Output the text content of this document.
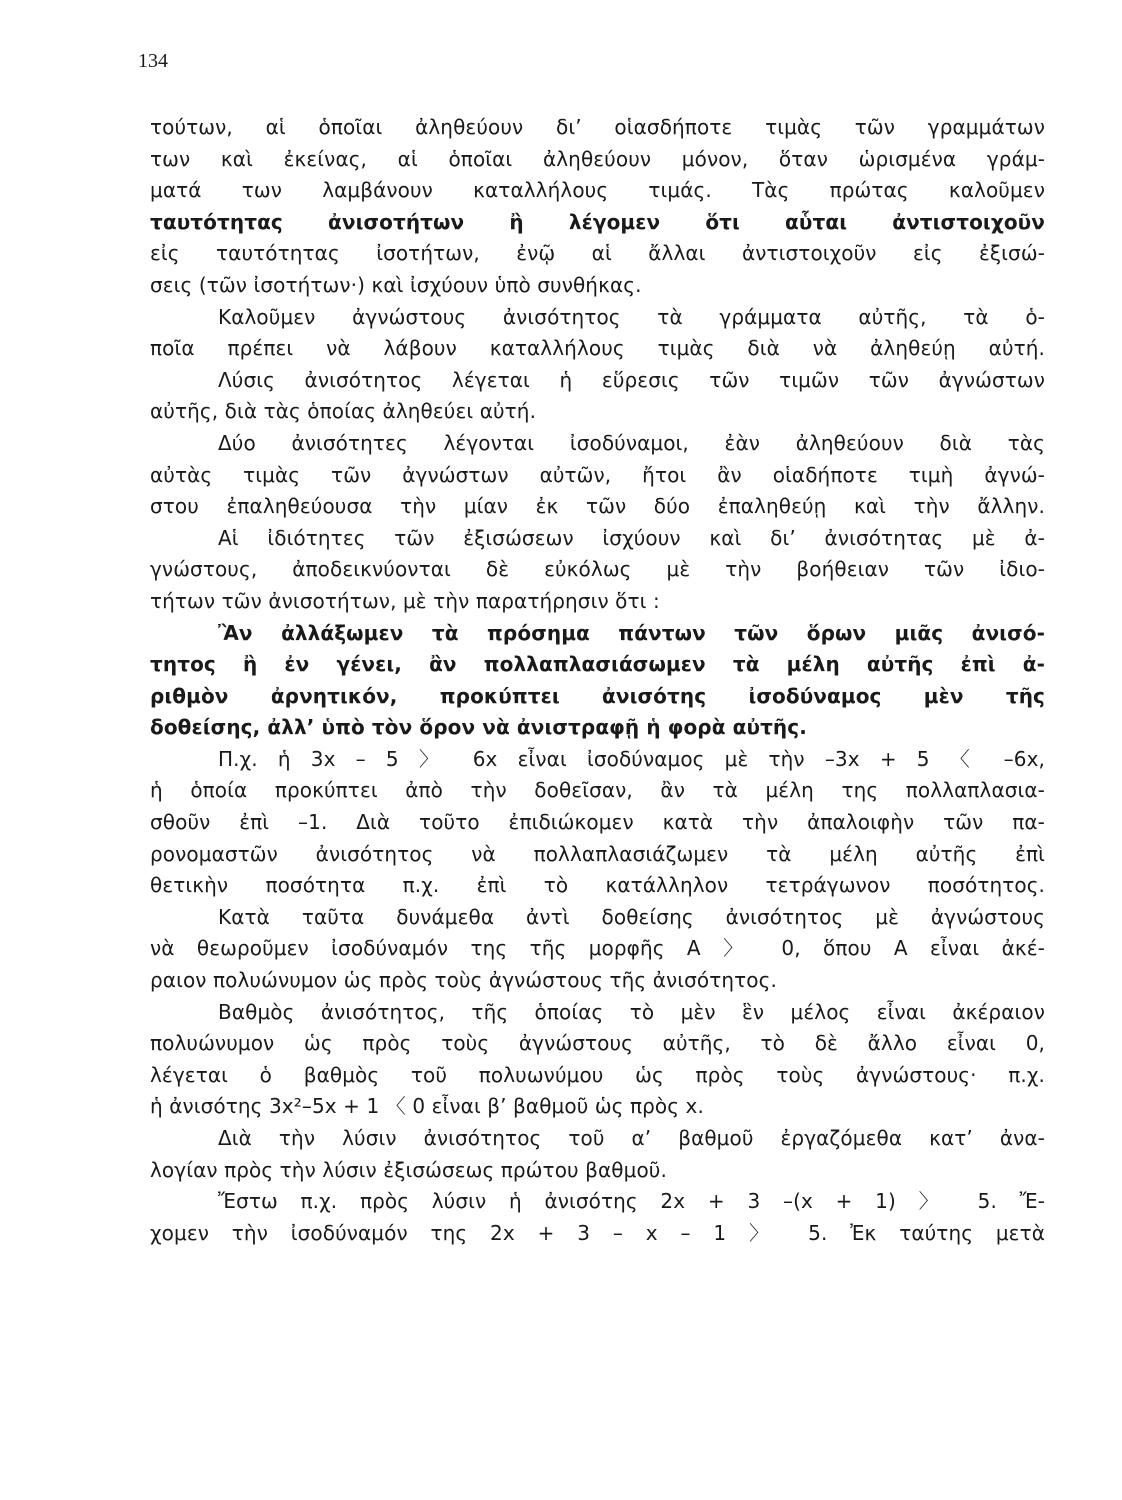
134
τούτων, αἱ ὁποῖαι ἀληθεύουν δι’ οἱασδήποτε τιμὰς τῶν γραμμάτων
των καὶ ἐκείνας, αἱ ὁποῖαι ἀληθεύουν μόνον, ὅταν ὡρισμένα γράμ-
ματά των λαμβάνουν καταλλήλους τιμάς. Τὰς πρώτας καλοῦμεν
ταυτότητας ἀνισοτήτων ἢ λέγομεν ὅτι αὗται ἀντιστοιχοῦν
εἰς ταυτότητας ἰσοτήτων, ἐνῷ αἱ ἄλλαι ἀντιστοιχοῦν εἰς ἐξισώ-
σεις (τῶν ἰσοτήτων·) καὶ ἰσχύουν ὑπὸ συνθήκας.
Καλοῦμεν ἀγνώστους ἀνισότητος τὰ γράμματα αὐτῆς, τὰ ὁ-
ποῖα πρέπει νὰ λάβουν καταλλήλους τιμὰς διὰ νὰ ἀληθεύῃ αὐτή.
Λύσις ἀνισότητος λέγεται ἡ εὕρεσις τῶν τιμῶν τῶν ἀγνώστων
αὐτῆς, διὰ τὰς ὁποίας ἀληθεύει αὐτή.
Δύο ἀνισότητες λέγονται ἰσοδύναμοι, ἐὰν ἀληθεύουν διὰ τὰς
αὐτὰς τιμὰς τῶν ἀγνώστων αὐτῶν, ἤτοι ἂν οἱαδήποτε τιμὴ ἀγνώ-
στου ἐπαληθεύουσα τὴν μίαν ἐκ τῶν δύο ἐπαληθεύῃ καὶ τὴν ἄλλην.
Αἱ ἰδιότητες τῶν ἐξισώσεων ἰσχύουν καὶ δι’ ἀνισότητας μὲ ἀ-
γνώστους, ἀποδεικνύονται δὲ εὐκόλως μὲ τὴν βοήθειαν τῶν ἰδιο-
τήτων τῶν ἀνισοτήτων, μὲ τὴν παρατήρησιν ὅτι :
Ἂν ἀλλάξωμεν τὰ πρόσημα πάντων τῶν ὅρων μιᾶς ἀνισό-
τητος ἢ ἐν γένει, ἂν πολλαπλασιάσωμεν τὰ μέλη αὐτῆς ἐπὶ ἀ-
ριθμὸν ἀρνητικόν, προκύπτει ἀνισότης ἰσοδύναμος μὲν τῆς
δοθείσης, ἀλλ’ ὑπὸ τὸν ὅρον νὰ ἀνιστραφῇ ἡ φορὰ αὐτῆς.
Π.χ. ἡ 3x – 5 〉 6x εἶναι ἰσοδύναμος μὲ τὴν –3x + 5 〈 –6x,
ἡ ὁποία προκύπτει ἀπὸ τὴν δοθεῖσαν, ἂν τὰ μέλη της πολλαπλασια-
σθοῦν ἐπὶ –1. Διὰ τοῦτο ἐπιδιώκομεν κατὰ τὴν ἀπαλοιφὴν τῶν πα-
ρονομαστῶν ἀνισότητος νὰ πολλαπλασιάζωμεν τὰ μέλη αὐτῆς ἐπὶ
θετικὴν ποσότητα π.χ. ἐπὶ τὸ κατάλληλον τετράγωνον ποσότητος.
Κατὰ ταῦτα δυνάμεθα ἀντὶ δοθείσης ἀνισότητος μὲ ἀγνώστους
νὰ θεωροῦμεν ἰσοδύναμόν της τῆς μορφῆς A 〉 0, ὅπου A εἶναι ἀκέ-
ραιον πολυώνυμον ὡς πρὸς τοὺς ἀγνώστους τῆς ἀνισότητος.
Βαθμὸς ἀνισότητος, τῆς ὁποίας τὸ μὲν ἓν μέλος εἶναι ἀκέραιον
πολυώνυμον ὡς πρὸς τοὺς ἀγνώστους αὐτῆς, τὸ δὲ ἄλλο εἶναι 0,
λέγεται ὁ βαθμὸς τοῦ πολυωνύμου ὡς πρὸς τοὺς ἀγνώστους· π.χ.
ἡ ἀνισότης 3x²–5x + 1 〈 0 εἶναι β’ βαθμοῦ ὡς πρὸς x.
Διὰ τὴν λύσιν ἀνισότητος τοῦ α’ βαθμοῦ ἐργαζόμεθα κατ’ ἀνα-
λογίαν πρὸς τὴν λύσιν ἐξισώσεως πρώτου βαθμοῦ.
Ἔστω π.χ. πρὸς λύσιν ἡ ἀνισότης 2x + 3 –(x + 1) 〉 5. Ἔ-
χομεν τὴν ἰσοδύναμόν της 2x + 3 – x – 1 〉 5. Ἐκ ταύτης μετὰ
